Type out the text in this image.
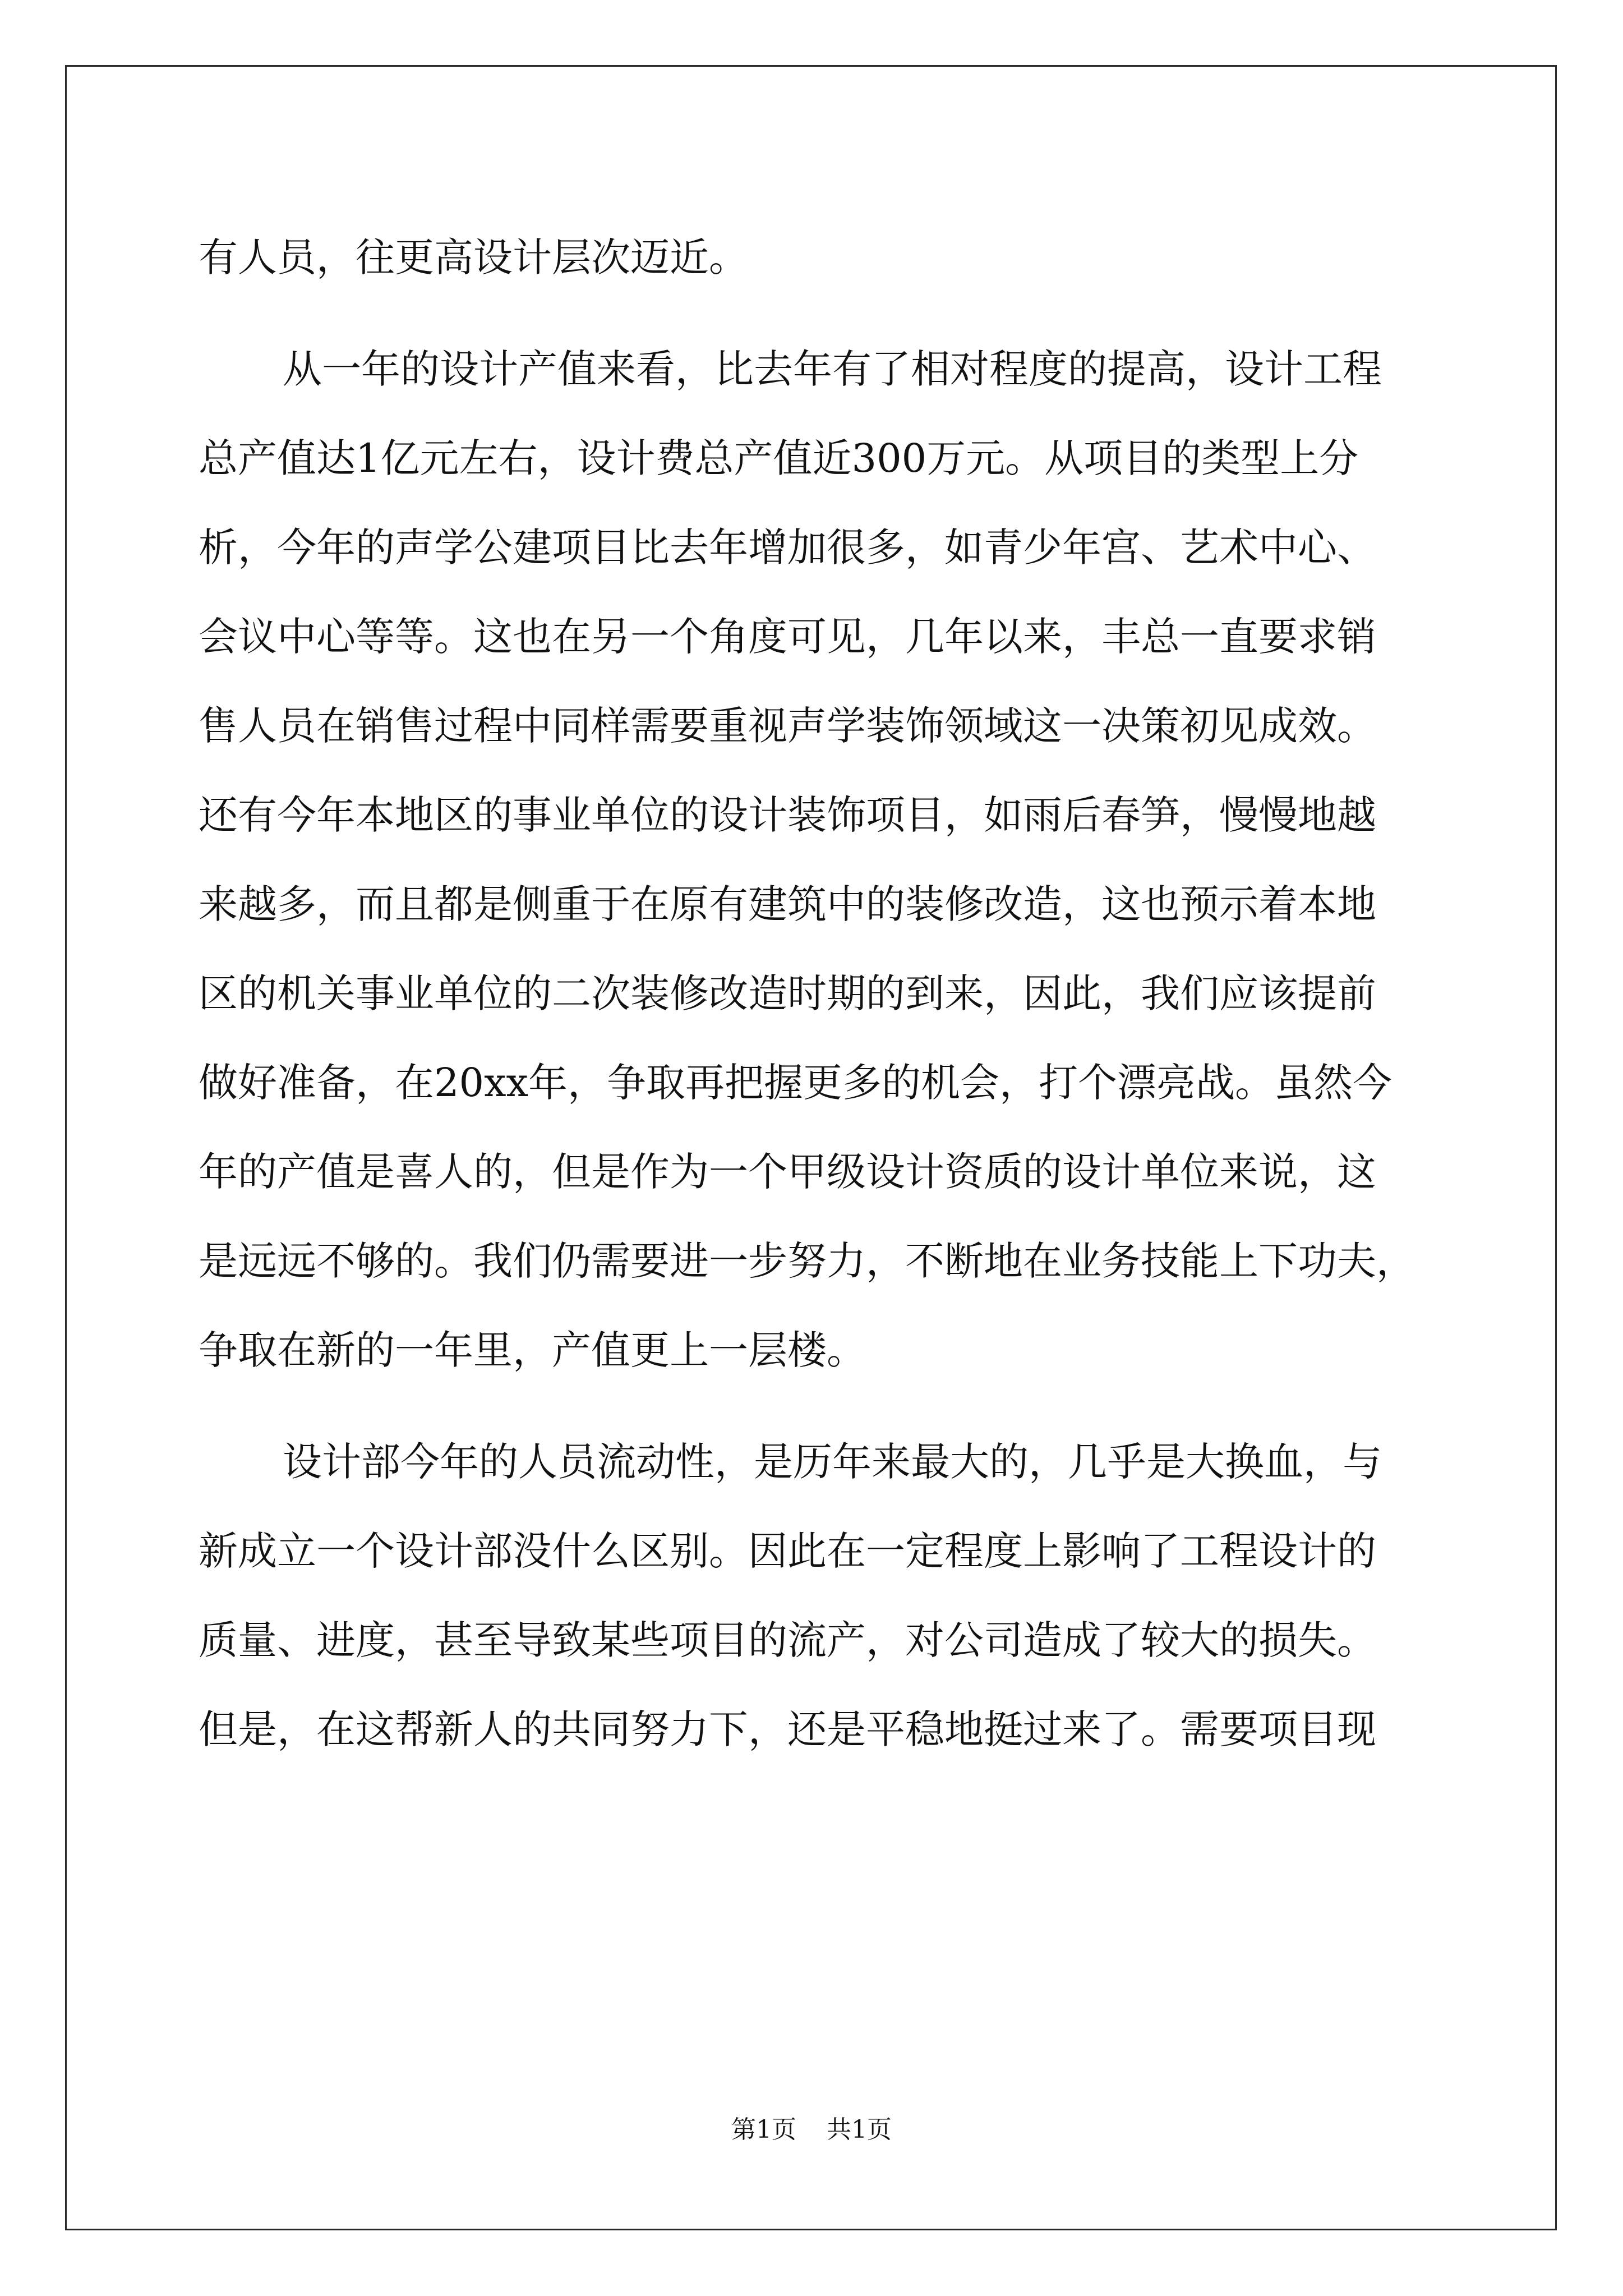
有人员，往更高设计层次迈近。
从一年的设计产值来看，比去年有了相对程度的提高，设计工程
总产值达1亿元左右，设计费总产值近300万元。从项目的类型上分
析，今年的声学公建项目比去年增加很多，如青少年宫、艺术中心、
会议中心等等。这也在另一个角度可见，几年以来，丰总一直要求销
售人员在销售过程中同样需要重视声学装饰领域这一决策初见成效。
还有今年本地区的事业单位的设计装饰项目，如雨后春笋，慢慢地越
来越多，而且都是侧重于在原有建筑中的装修改造，这也预示着本地
区的机关事业单位的二次装修改造时期的到来，因此，我们应该提前
做好准备，在20xx年，争取再把握更多的机会，打个漂亮战。虽然今
年的产值是喜人的，但是作为一个甲级设计资质的设计单位来说，这
是远远不够的。我们仍需要进一步努力，不断地在业务技能上下功夫，
争取在新的一年里，产值更上一层楼。
设计部今年的人员流动性，是历年来最大的，几乎是大换血，与
新成立一个设计部没什么区别。因此在一定程度上影响了工程设计的
质量、进度，甚至导致某些项目的流产，对公司造成了较大的损失。
但是，在这帮新人的共同努力下，还是平稳地挺过来了。需要项目现
第1页 共1页
